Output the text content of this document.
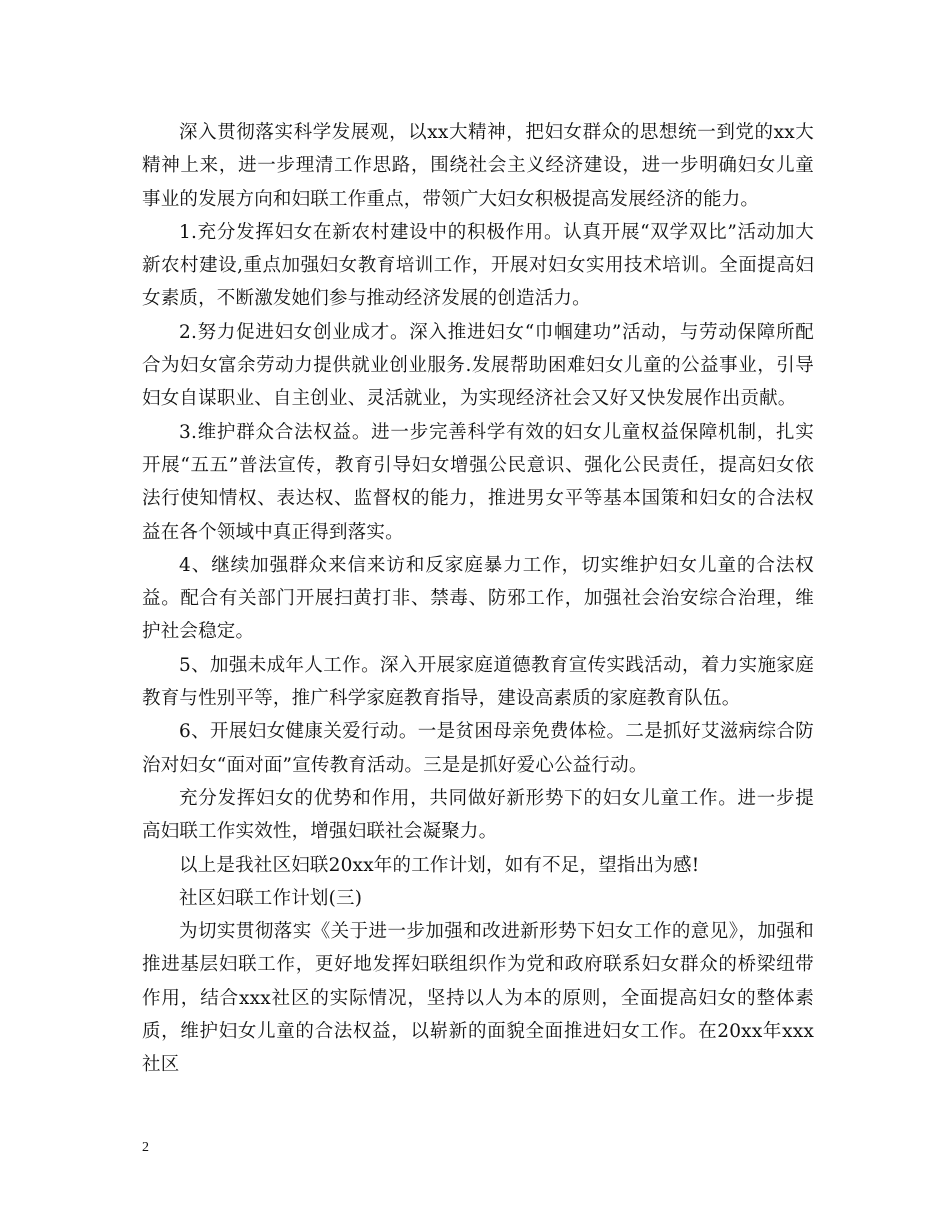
深入贯彻落实科学发展观，以xx大精神，把妇女群众的思想统一到党的xx大精神上来，进一步理清工作思路，围绕社会主义经济建设，进一步明确妇女儿童事业的发展方向和妇联工作重点，带领广大妇女积极提高发展经济的能力。

1.充分发挥妇女在新农村建设中的积极作用。认真开展“双学双比”活动加大新农村建设,重点加强妇女教育培训工作，开展对妇女实用技术培训。全面提高妇女素质，不断激发她们参与推动经济发展的创造活力。

2.努力促进妇女创业成才。深入推进妇女“巾帼建功”活动，与劳动保障所配合为妇女富余劳动力提供就业创业服务.发展帮助困难妇女儿童的公益事业，引导妇女自谋职业、自主创业、灵活就业，为实现经济社会又好又快发展作出贡献。

3.维护群众合法权益。进一步完善科学有效的妇女儿童权益保障机制，扎实开展“五五”普法宣传，教育引导妇女增强公民意识、强化公民责任，提高妇女依法行使知情权、表达权、监督权的能力，推进男女平等基本国策和妇女的合法权益在各个领域中真正得到落实。

4、继续加强群众来信来访和反家庭暴力工作，切实维护妇女儿童的合法权益。配合有关部门开展扫黄打非、禁毒、防邪工作，加强社会治安综合治理，维护社会稳定。

5、加强未成年人工作。深入开展家庭道德教育宣传实践活动，着力实施家庭教育与性别平等，推广科学家庭教育指导，建设高素质的家庭教育队伍。

6、开展妇女健康关爱行动。一是贫困母亲免费体检。二是抓好艾滋病综合防治对妇女“面对面”宣传教育活动。三是是抓好爱心公益行动。

充分发挥妇女的优势和作用，共同做好新形势下的妇女儿童工作。进一步提高妇联工作实效性，增强妇联社会凝聚力。

以上是我社区妇联20xx年的工作计划，如有不足，望指出为感!

社区妇联工作计划(三)

为切实贯彻落实《关于进一步加强和改进新形势下妇女工作的意见》，加强和推进基层妇联工作，更好地发挥妇联组织作为党和政府联系妇女群众的桥梁纽带作用，结合xxx社区的实际情况，坚持以人为本的原则，全面提高妇女的整体素质，维护妇女儿童的合法权益，以崭新的面貌全面推进妇女工作。在20xx年xxx社区

2
